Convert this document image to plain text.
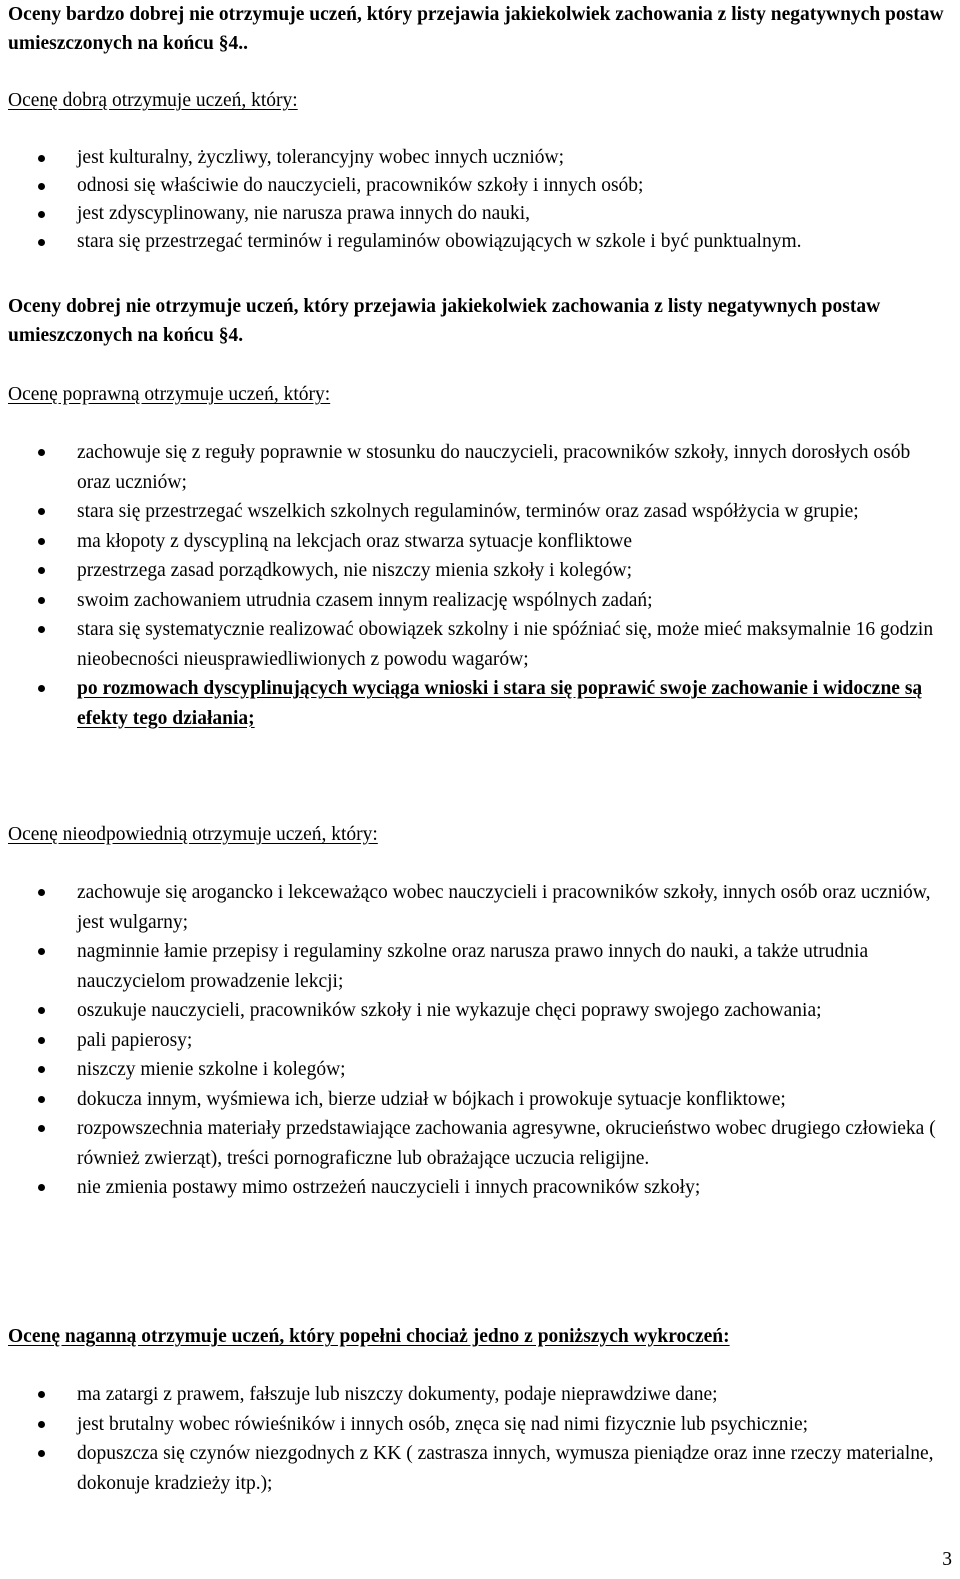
Oceny bardzo dobrej nie otrzymuje uczeń, który przejawia jakiekolwiek zachowania z listy negatywnych postaw umieszczonych na końcu §4..

Ocenę dobrą otrzymuje uczeń, który:

jest kulturalny, życzliwy, tolerancyjny wobec innych uczniów;
odnosi się właściwie do nauczycieli, pracowników szkoły i innych osób;
jest zdyscyplinowany, nie narusza prawa innych do nauki,
stara się przestrzegać terminów i regulaminów obowiązujących w szkole i być punktualnym.

Oceny dobrej nie otrzymuje uczeń, który przejawia jakiekolwiek zachowania z listy negatywnych postaw umieszczonych na końcu §4.

Ocenę poprawną otrzymuje uczeń, który:

zachowuje się z reguły poprawnie w stosunku do nauczycieli, pracowników szkoły, innych dorosłych osób oraz uczniów;
stara się przestrzegać wszelkich szkolnych regulaminów, terminów oraz zasad współżycia w grupie;
ma kłopoty z dyscypliną na lekcjach oraz stwarza sytuacje konfliktowe
przestrzega zasad porządkowych, nie niszczy mienia szkoły i kolegów;
swoim zachowaniem utrudnia czasem innym realizację wspólnych zadań;
stara się systematycznie realizować obowiązek szkolny i nie spóźniać się, może mieć maksymalnie 16 godzin nieobecności nieusprawiedliwionych z powodu wagarów;
po rozmowach dyscyplinujących wyciąga wnioski i stara się poprawić swoje zachowanie i widoczne są efekty tego działania;

Ocenę nieodpowiednią otrzymuje uczeń, który:

zachowuje się arogancko i lekceważąco wobec nauczycieli i pracowników szkoły, innych osób oraz uczniów, jest wulgarny;
nagminnie łamie przepisy i regulaminy szkolne oraz narusza prawo innych do nauki, a także utrudnia nauczycielom prowadzenie lekcji;
oszukuje nauczycieli, pracowników szkoły i nie wykazuje chęci poprawy swojego zachowania;
pali papierosy;
niszczy mienie szkolne i kolegów;
dokucza innym, wyśmiewa ich, bierze udział w bójkach i prowokuje sytuacje konfliktowe;
rozpowszechnia materiały przedstawiające zachowania agresywne, okrucieństwo wobec drugiego człowieka ( również zwierząt), treści pornograficzne lub obrażające uczucia religijne.
nie zmienia postawy mimo ostrzeżeń nauczycieli i innych pracowników szkoły;

Ocenę naganną otrzymuje uczeń, który popełni chociaż jedno z poniższych wykroczeń:

ma zatargi z prawem, fałszuje lub niszczy dokumenty, podaje nieprawdziwe dane;
jest brutalny wobec rówieśników i innych osób, znęca się nad nimi fizycznie lub psychicznie;
dopuszcza się czynów niezgodnych z KK ( zastrasza innych, wymusza pieniądze oraz inne rzeczy materialne, dokonuje kradzieży itp.);
3
